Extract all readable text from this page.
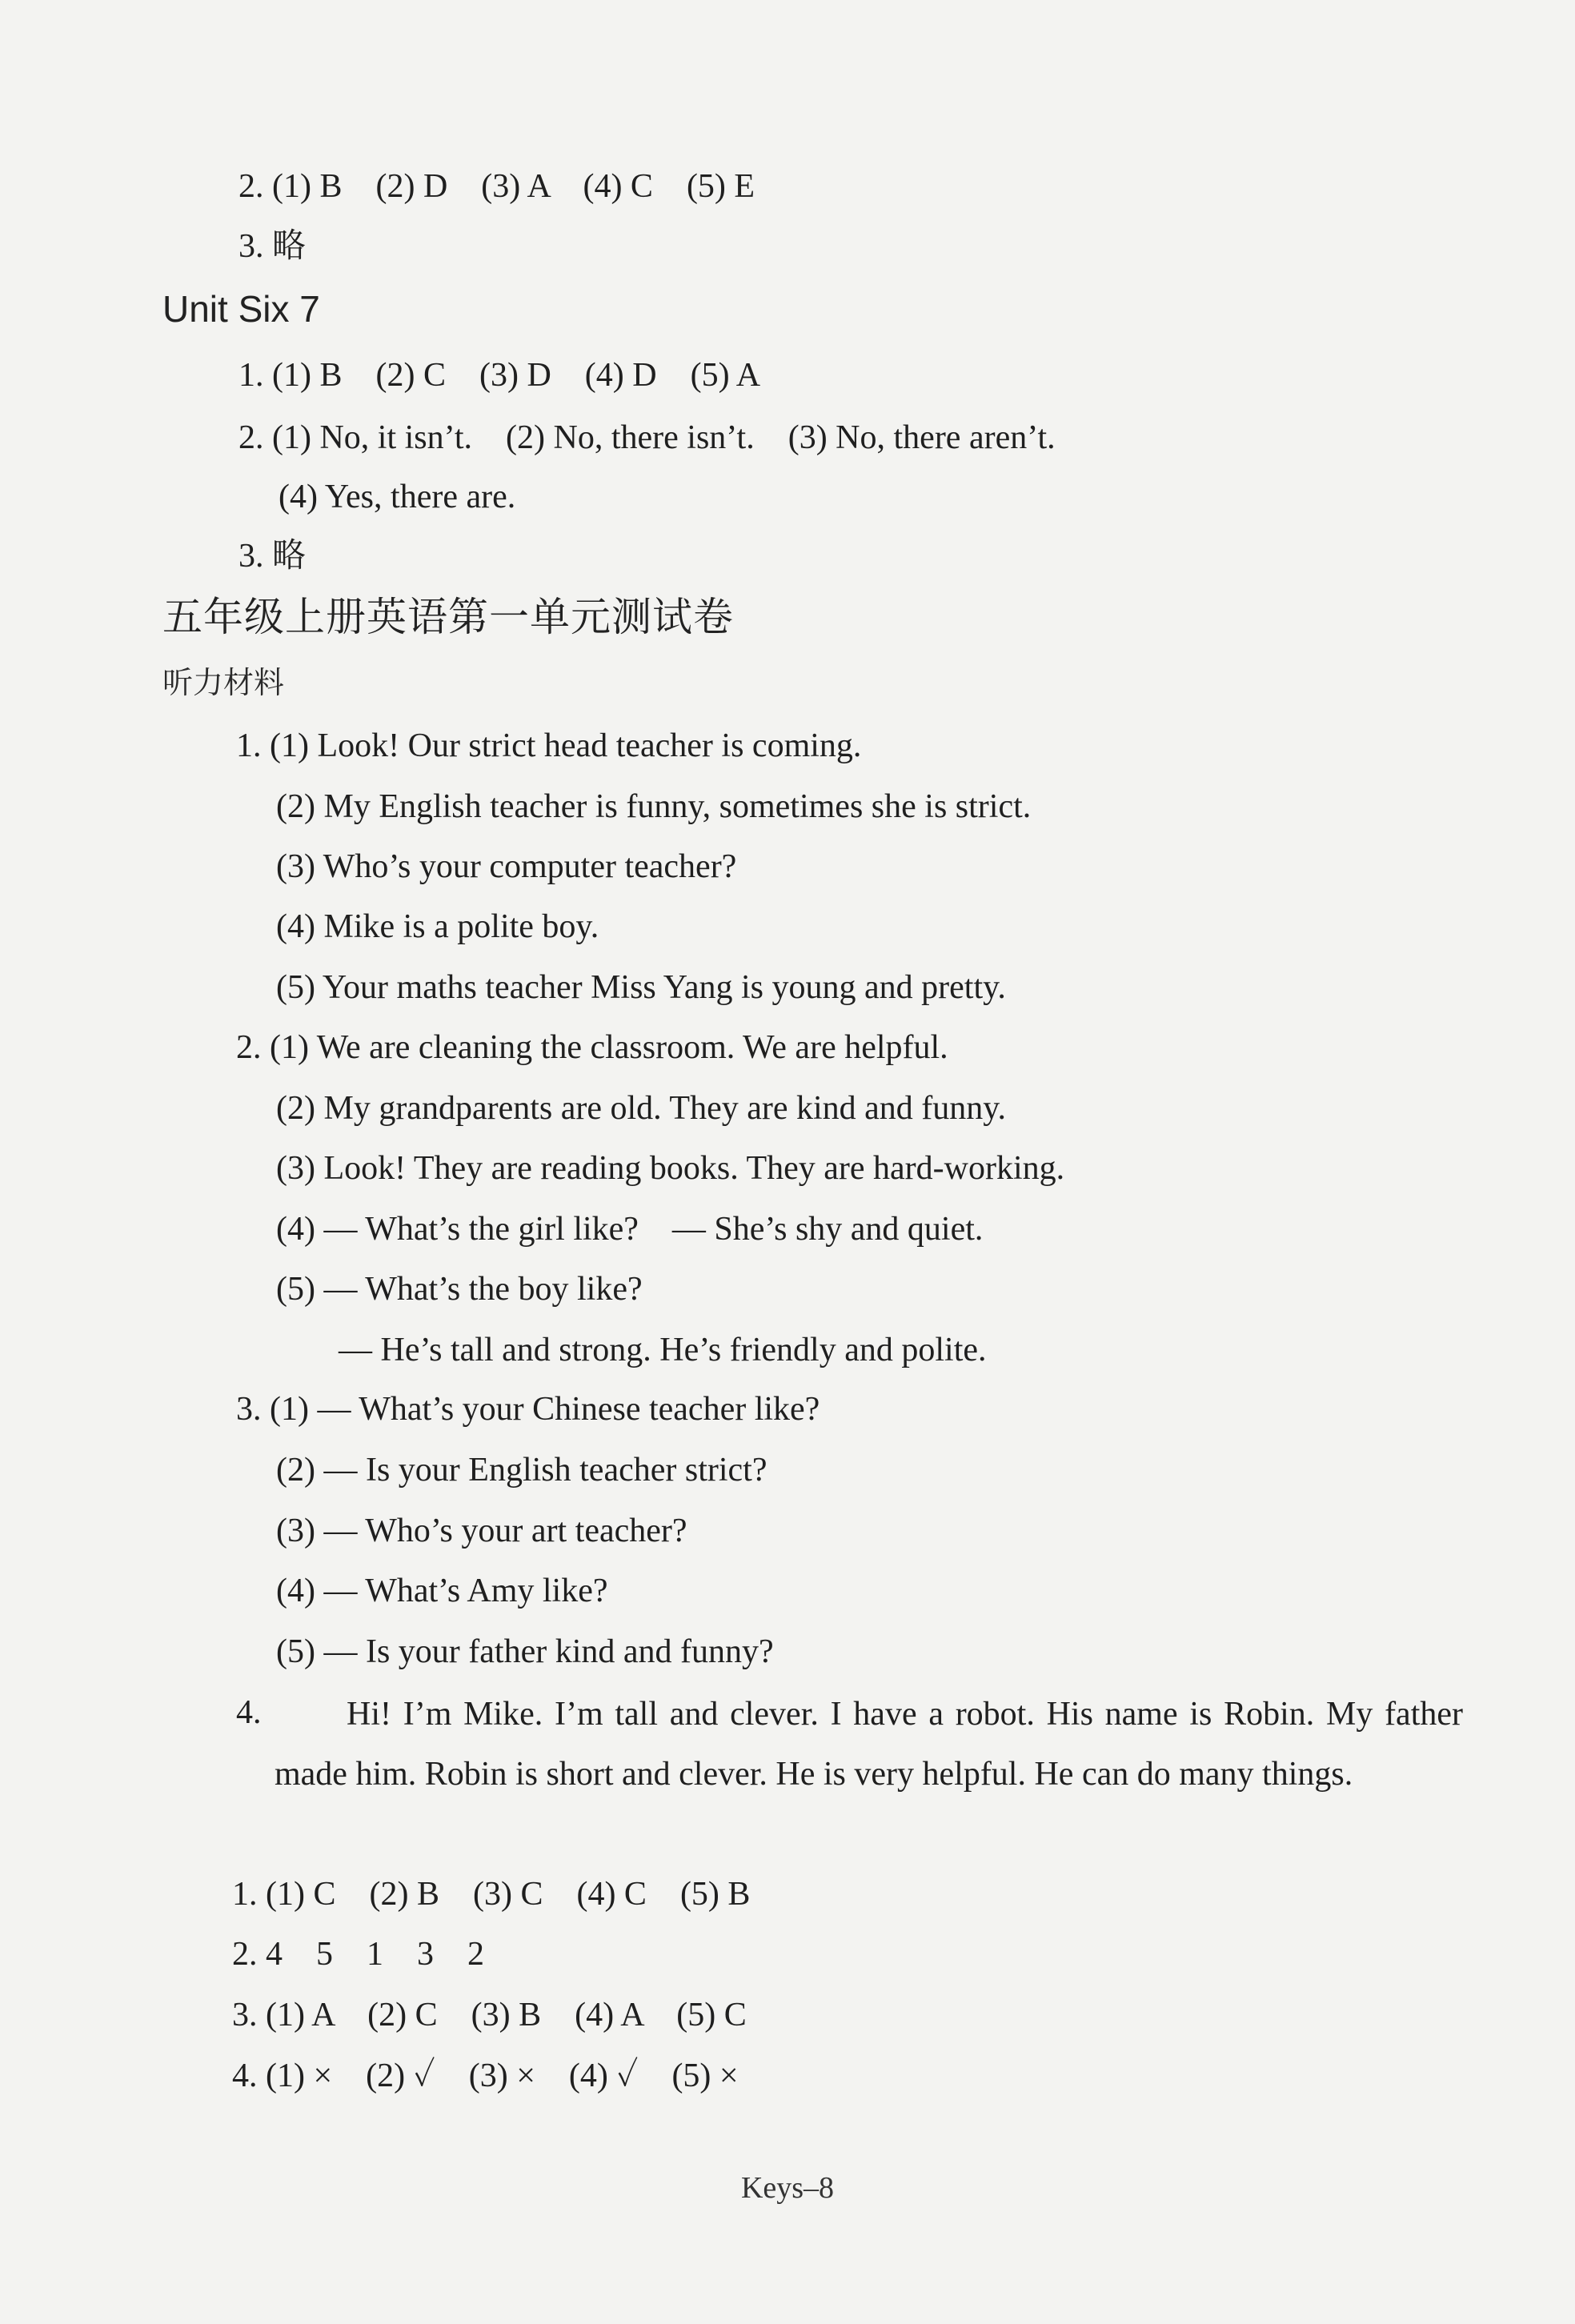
2. (1) B　(2) D　(3) A　(4) C　(5) E
3. 略
Unit Six 7
1. (1) B　(2) C　(3) D　(4) D　(5) A
2. (1) No, it isn’t.　(2) No, there isn’t.　(3) No, there aren’t.
(4) Yes, there are.
3. 略
五年级上册英语第一单元测试卷
听力材料
1. (1) Look! Our strict head teacher is coming.
(2) My English teacher is funny, sometimes she is strict.
(3) Who’s your computer teacher?
(4) Mike is a polite boy.
(5) Your maths teacher Miss Yang is young and pretty.
2. (1) We are cleaning the classroom. We are helpful.
(2) My grandparents are old. They are kind and funny.
(3) Look! They are reading books. They are hard-working.
(4) — What’s the girl like?　— She’s shy and quiet.
(5) — What’s the boy like?
— He’s tall and strong. He’s friendly and polite.
3. (1) — What’s your Chinese teacher like?
(2) — Is your English teacher strict?
(3) — Who’s your art teacher?
(4) — What’s Amy like?
(5) — Is your father kind and funny?
4.	Hi! I’m Mike. I’m tall and clever. I have a robot. His name is Robin. My father made him. Robin is short and clever. He is very helpful. He can do many things.
1. (1) C　(2) B　(3) C　(4) C　(5) B
2. 4　5　1　3　2
3. (1) A　(2) C　(3) B　(4) A　(5) C
4. (1) ×　(2) ✓　(3) ×　(4) ✓　(5) ×
Keys–8
